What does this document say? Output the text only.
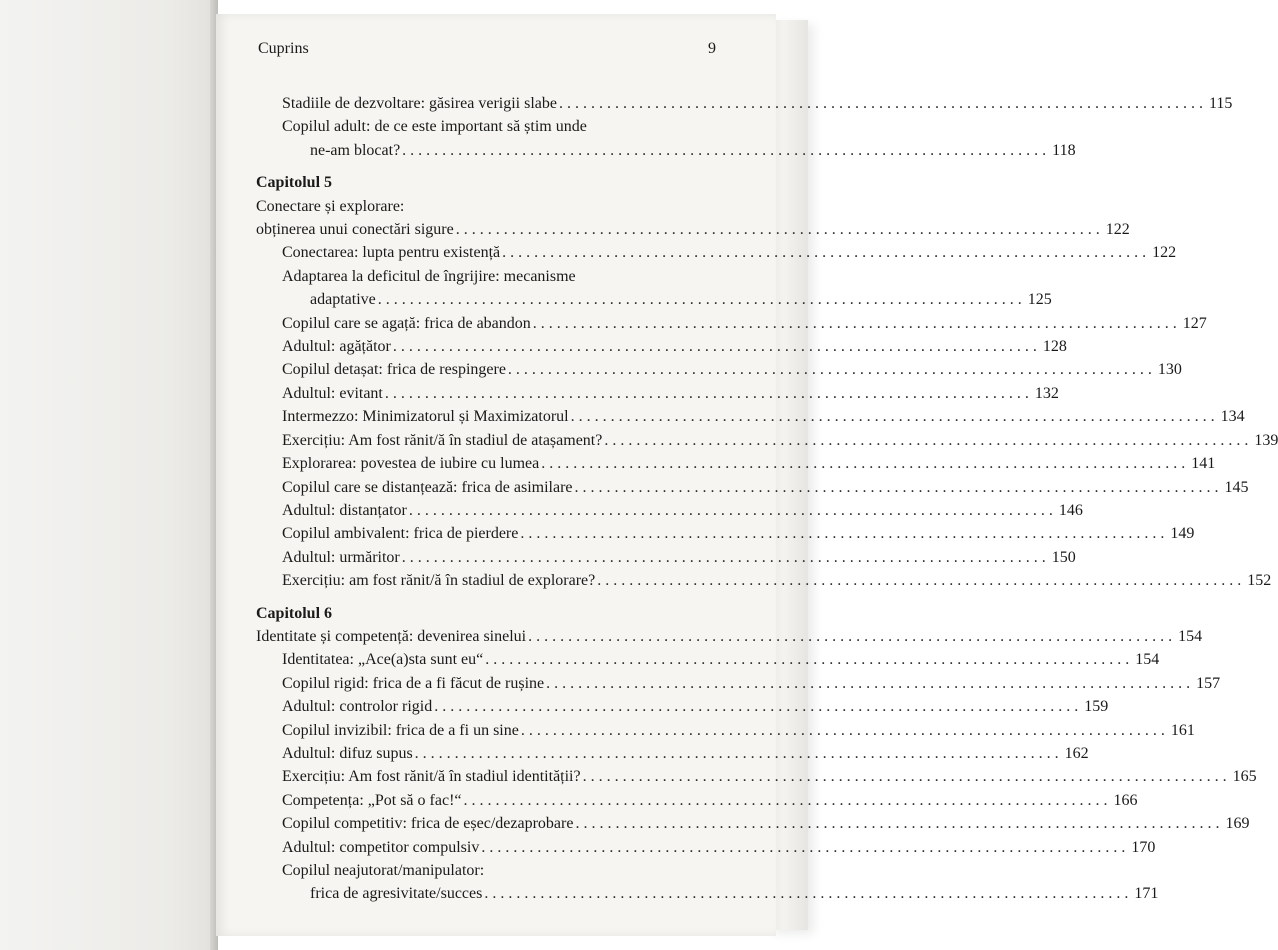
Cuprins	9
Stadiile de dezvoltare: găsirea verigii slabe . . .	115
Copilul adult: de ce este important să știm unde
ne-am blocat? . . .	118
Capitolul 5
Conectare și explorare:
obținerea unui conectări sigure . . .	122
Conectarea: lupta pentru existență . . .	122
Adaptarea la deficitul de îngrijire: mecanisme
adaptative . . .	125
Copilul care se agață: frica de abandon . . .	127
Adultul: agățător . . .	128
Copilul detașat: frica de respingere . . .	130
Adultul: evitant . . .	132
Intermezzo: Minimizatorul și Maximizatorul . . .	134
Exercițiu: Am fost rănit/ă în stadiul de atașament? . . .	139
Explorarea: povestea de iubire cu lumea . . .	141
Copilul care se distanțează: frica de asimilare . . .	145
Adultul: distanțator . . .	146
Copilul ambivalent: frica de pierdere . . .	149
Adultul: urmăritor . . .	150
Exercițiu: am fost rănit/ă în stadiul de explorare? . . .	152
Capitolul 6
Identitate și competență: devenirea sinelui . . .	154
Identitatea: „Ace(a)sta sunt eu“ . . .	154
Copilul rigid: frica de a fi făcut de rușine . . .	157
Adultul: controlor rigid . . .	159
Copilul invizibil: frica de a fi un sine . . .	161
Adultul: difuz supus . . .	162
Exercițiu: Am fost rănit/ă în stadiul identității? . . .	165
Competența: „Pot să o fac!“ . . .	166
Copilul competitiv: frica de eșec/dezaprobare . . .	169
Adultul: competitor compulsiv . . .	170
Copilul neajutorat/manipulator:
frica de agresivitate/succes . . .	171
